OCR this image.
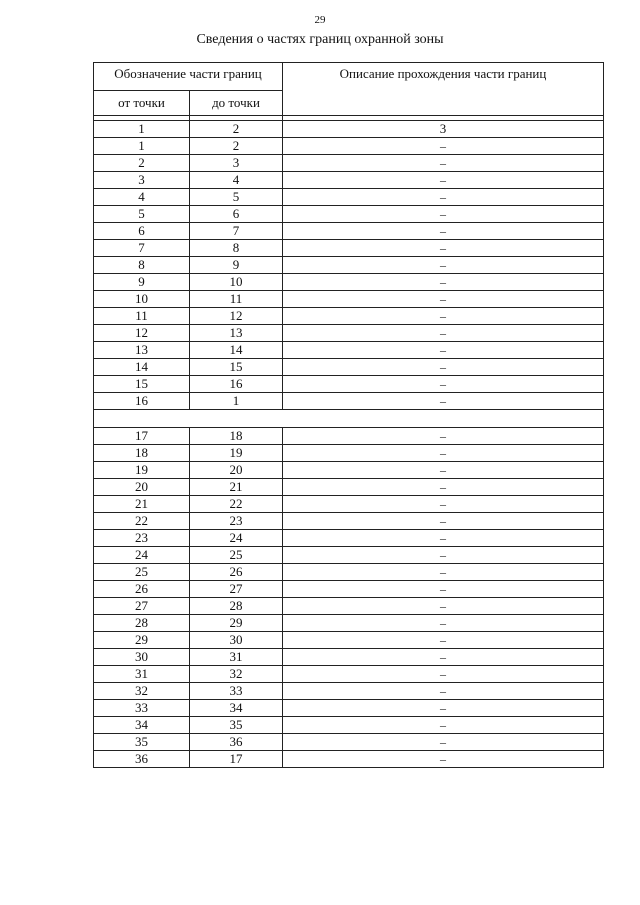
29
Сведения о частях границ охранной зоны
Обозначение части границ		Описание прохождения части границ
от точки	до точки	

1	2	3
1	2	–
2	3	–
3	4	–
4	5	–
5	6	–
6	7	–
7	8	–
8	9	–
9	10	–
10	11	–
11	12	–
12	13	–
13	14	–
14	15	–
15	16	–
16	1	–

17	18	–
18	19	–
19	20	–
20	21	–
21	22	–
22	23	–
23	24	–
24	25	–
25	26	–
26	27	–
27	28	–
28	29	–
29	30	–
30	31	–
31	32	–
32	33	–
33	34	–
34	35	–
35	36	–
36	17	–
